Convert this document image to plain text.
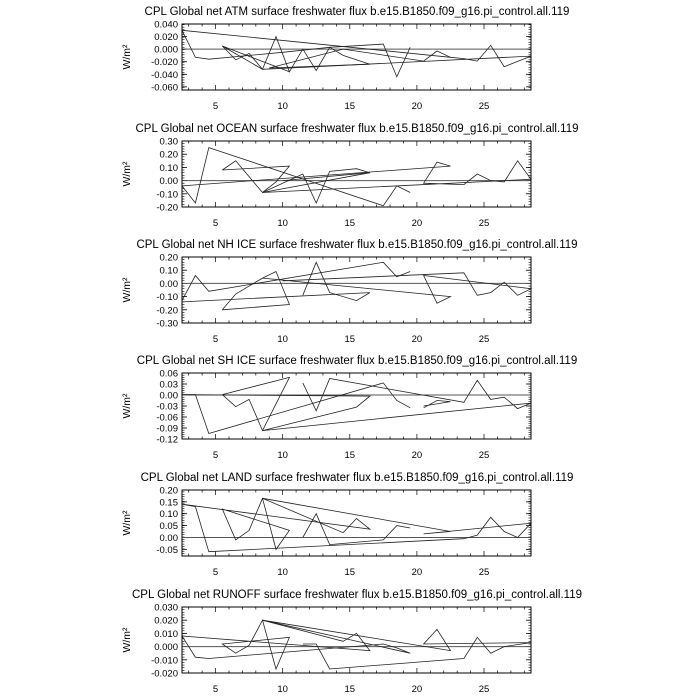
CPL Global net ATM surface freshwater flux b.e15.B1850.f09_g16.pi_control.all.119
0.040
0.020
0.000
-0.020
-0.040
-0.060
5	10	15	20	25
W/m²
CPL Global net OCEAN surface freshwater flux b.e15.B1850.f09_g16.pi_control.all.119
0.30
0.20
0.10
0.00
-0.10
-0.20
5	10	15	20	25
W/m²
CPL Global net NH ICE surface freshwater flux b.e15.B1850.f09_g16.pi_control.all.119
0.20
0.10
0.00
-0.10
-0.20
-0.30
5	10	15	20	25
W/m²
CPL Global net SH ICE surface freshwater flux b.e15.B1850.f09_g16.pi_control.all.119
0.06
0.03
0.00
-0.03
-0.06
-0.09
-0.12
5	10	15	20	25
W/m²
CPL Global net LAND surface freshwater flux b.e15.B1850.f09_g16.pi_control.all.119
0.20
0.15
0.10
0.05
0.00
-0.05
5	10	15	20	25
W/m²
CPL Global net RUNOFF surface freshwater flux b.e15.B1850.f09_g16.pi_control.all.119
0.030
0.020
0.010
0.000
-0.010
-0.020
5	10	15	20	25
W/m²
